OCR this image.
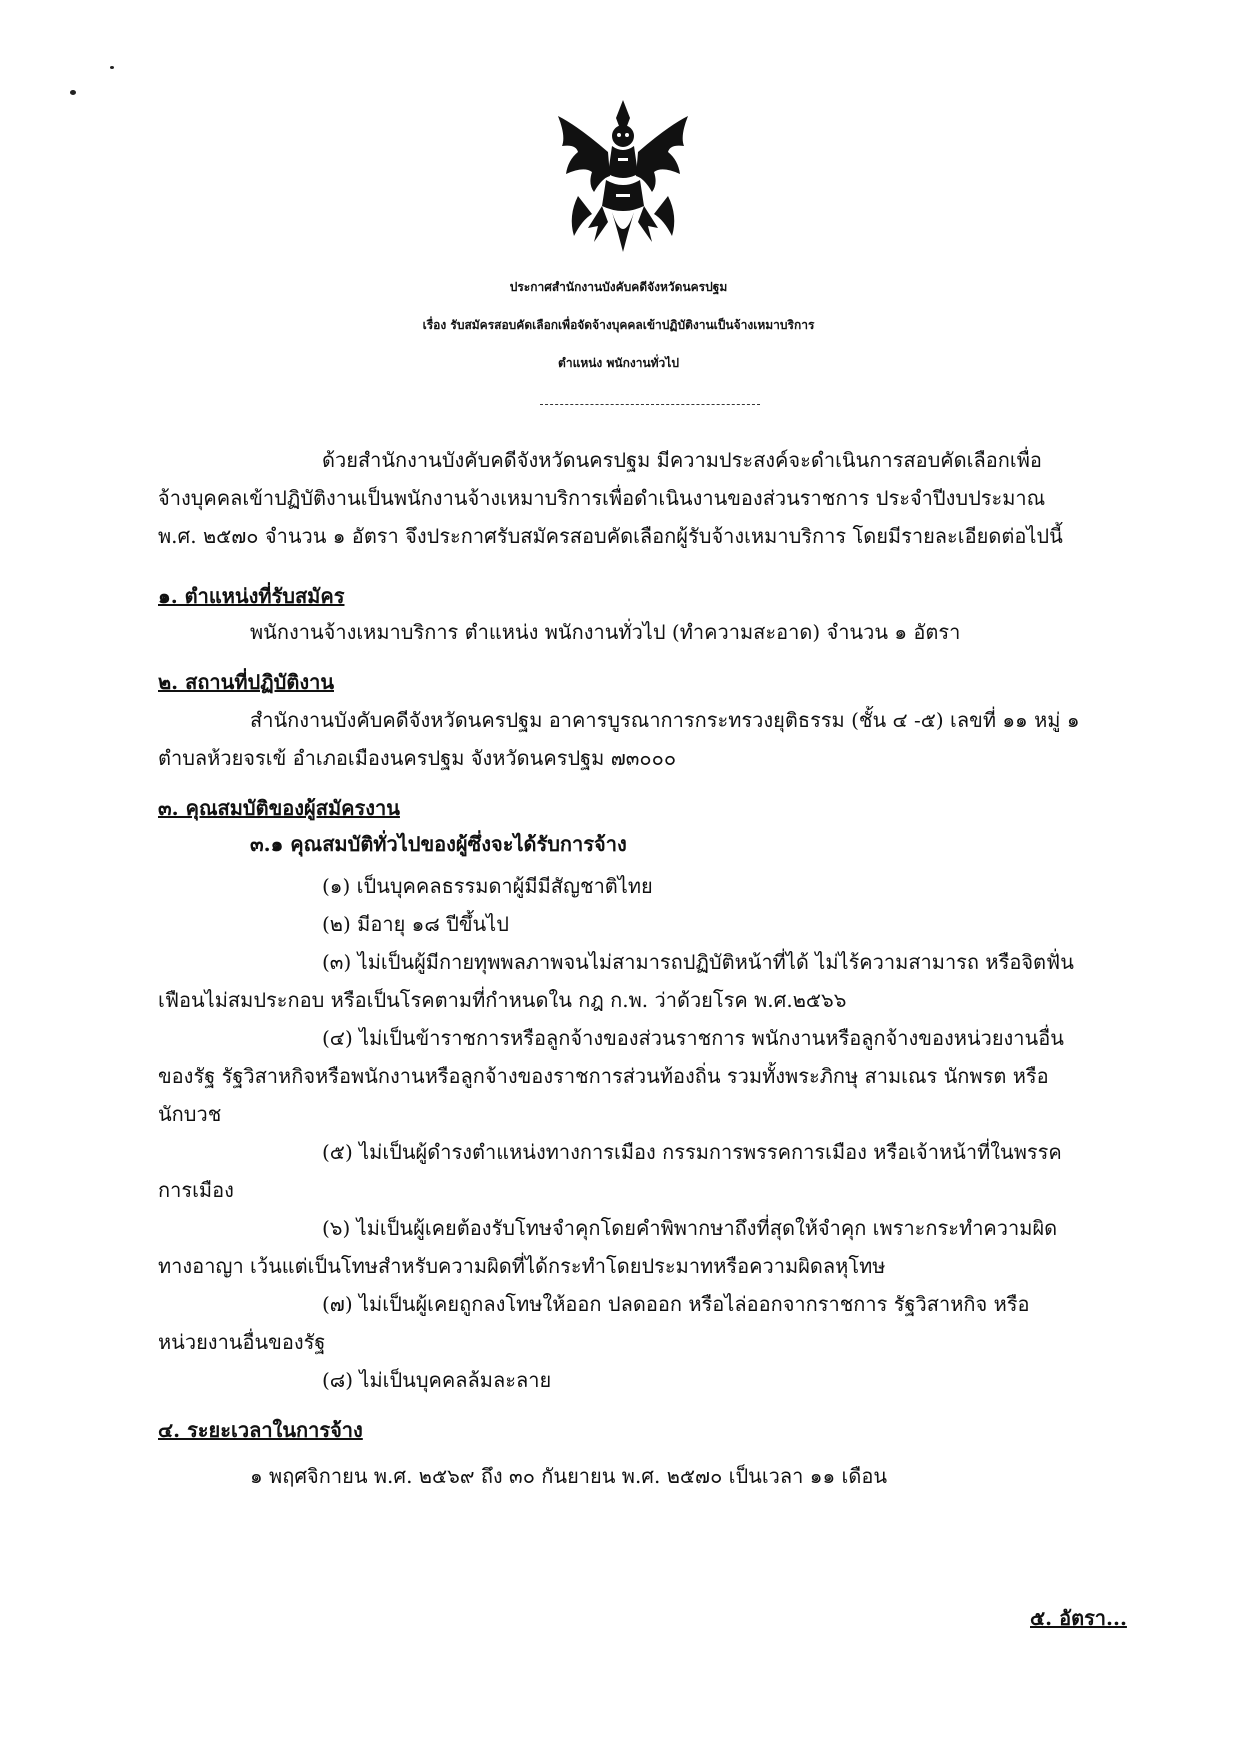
ประกาศสำนักงานบังคับคดีจังหวัดนครปฐม
เรื่อง รับสมัครสอบคัดเลือกเพื่อจัดจ้างบุคคลเข้าปฏิบัติงานเป็นจ้างเหมาบริการ
ตำแหน่ง พนักงานทั่วไป
ด้วยสำนักงานบังคับคดีจังหวัดนครปฐม มีความประสงค์จะดำเนินการสอบคัดเลือกเพื่อ
จ้างบุคคลเข้าปฏิบัติงานเป็นพนักงานจ้างเหมาบริการเพื่อดำเนินงานของส่วนราชการ ประจำปีงบประมาณ
พ.ศ. ๒๕๗๐ จำนวน ๑ อัตรา จึงประกาศรับสมัครสอบคัดเลือกผู้รับจ้างเหมาบริการ โดยมีรายละเอียดต่อไปนี้
๑. ตำแหน่งที่รับสมัคร
พนักงานจ้างเหมาบริการ ตำแหน่ง พนักงานทั่วไป (ทำความสะอาด) จำนวน ๑ อัตรา
๒. สถานที่ปฏิบัติงาน
สำนักงานบังคับคดีจังหวัดนครปฐม อาคารบูรณาการกระทรวงยุติธรรม (ชั้น ๔ -๕) เลขที่ ๑๑ หมู่ ๑
ตำบลห้วยจรเข้ อำเภอเมืองนครปฐม จังหวัดนครปฐม ๗๓๐๐๐
๓. คุณสมบัติของผู้สมัครงาน
๓.๑ คุณสมบัติทั่วไปของผู้ซึ่งจะได้รับการจ้าง
(๑) เป็นบุคคลธรรมดาผู้มีมีสัญชาติไทย
(๒) มีอายุ ๑๘ ปีขึ้นไป
(๓) ไม่เป็นผู้มีกายทุพพลภาพจนไม่สามารถปฏิบัติหน้าที่ได้ ไม่ไร้ความสามารถ หรือจิตฟั่น
เฟือนไม่สมประกอบ หรือเป็นโรคตามที่กำหนดใน กฎ ก.พ. ว่าด้วยโรค พ.ศ.๒๕๖๖
(๔) ไม่เป็นข้าราชการหรือลูกจ้างของส่วนราชการ พนักงานหรือลูกจ้างของหน่วยงานอื่น
ของรัฐ รัฐวิสาหกิจหรือพนักงานหรือลูกจ้างของราชการส่วนท้องถิ่น รวมทั้งพระภิกษุ สามเณร นักพรต หรือ
นักบวช
(๕) ไม่เป็นผู้ดำรงตำแหน่งทางการเมือง กรรมการพรรคการเมือง หรือเจ้าหน้าที่ในพรรค
การเมือง
(๖) ไม่เป็นผู้เคยต้องรับโทษจำคุกโดยคำพิพากษาถึงที่สุดให้จำคุก เพราะกระทำความผิด
ทางอาญา เว้นแต่เป็นโทษสำหรับความผิดที่ได้กระทำโดยประมาทหรือความผิดลหุโทษ
(๗) ไม่เป็นผู้เคยถูกลงโทษให้ออก ปลดออก หรือไล่ออกจากราชการ รัฐวิสาหกิจ หรือ
หน่วยงานอื่นของรัฐ
(๘) ไม่เป็นบุคคลล้มละลาย
๔. ระยะเวลาในการจ้าง
๑ พฤศจิกายน พ.ศ. ๒๕๖๙ ถึง ๓๐ กันยายน พ.ศ. ๒๕๗๐ เป็นเวลา ๑๑ เดือน
๕. อัตรา...
